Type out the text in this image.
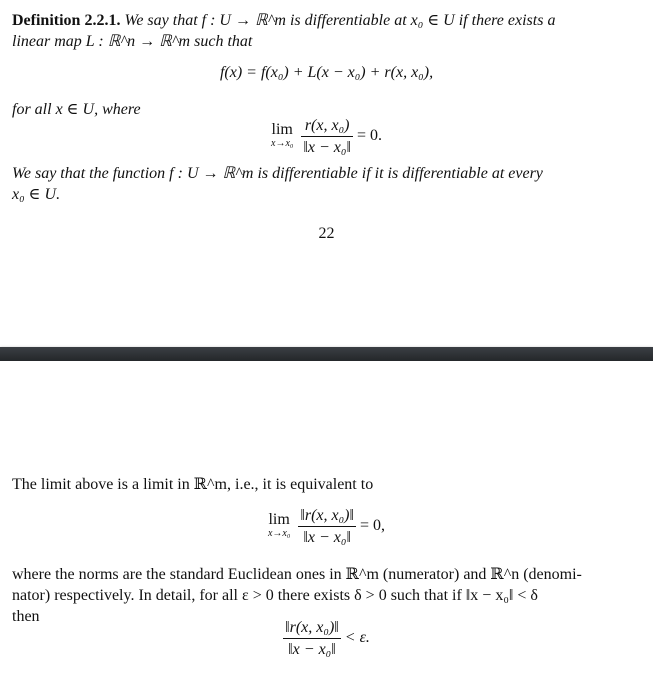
Definition 2.2.1. We say that f : U → ℝ^m is differentiable at x₀ ∈ U if there exists a
linear map L : ℝ^n → ℝ^m such that
f(x) = f(x₀) + L(x − x₀) + r(x, x₀),
for all x ∈ U, where
lim
x→x₀
$\frac{\text{r(x, x₀)}}{\text{‖x − x₀‖}} = 0$.
We say that the function f : U → ℝ^m is differentiable if it is differentiable at every
x₀ ∈ U.
22
The limit above is a limit in ℝ^m, i.e., it is equivalent to
lim
x→x₀
$\frac{\text{‖r(x, x₀)‖}}{\text{‖x − x₀‖}} = 0$,
where the norms are the standard Euclidean ones in ℝ^m (numerator) and ℝ^n (denomi-
nator) respectively. In detail, for all ε > 0 there exists δ > 0 such that if ‖x − x₀‖ < δ
then
$\frac{\text{‖r(x, x₀)‖}}{\text{‖x − x₀‖}} < \varepsilon$.
